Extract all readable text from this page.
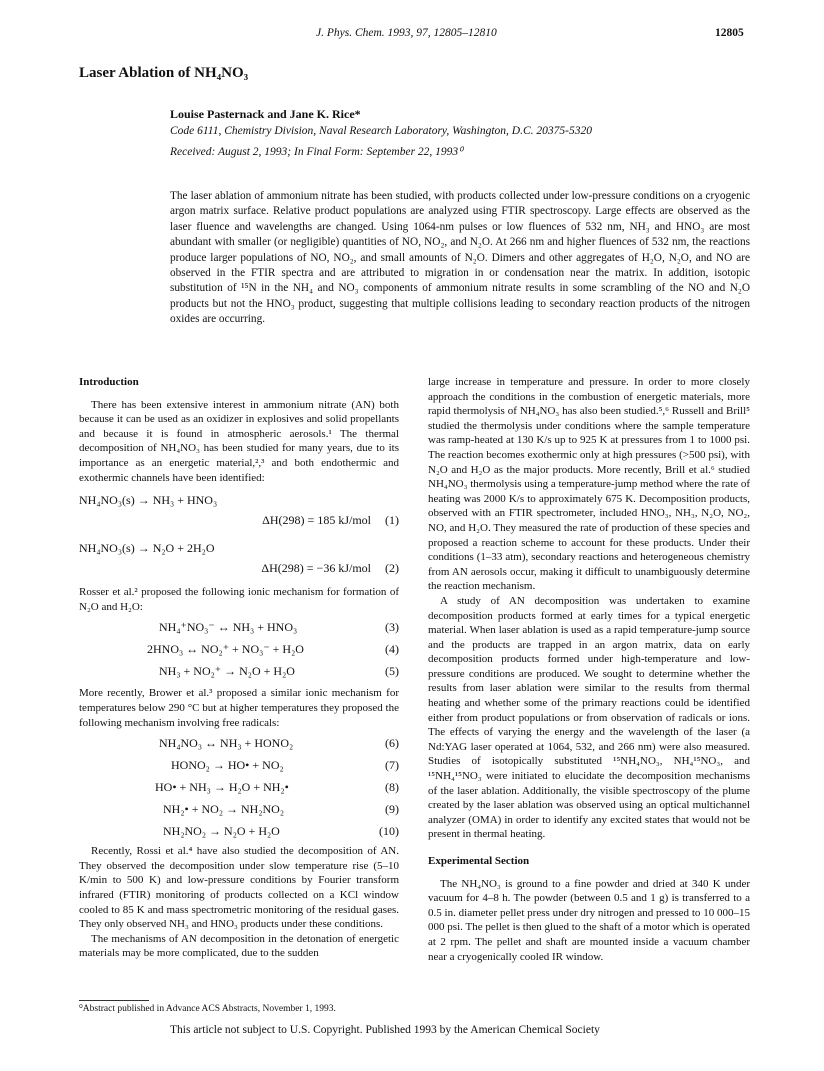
J. Phys. Chem. 1993, 97, 12805–12810	12805
Laser Ablation of NH₄NO₃
Louise Pasternack and Jane K. Rice*
Code 6111, Chemistry Division, Naval Research Laboratory, Washington, D.C. 20375-5320
Received: August 2, 1993; In Final Form: September 22, 1993⁰
The laser ablation of ammonium nitrate has been studied, with products collected under low-pressure conditions on a cryogenic argon matrix surface. Relative product populations are analyzed using FTIR spectroscopy. Large effects are observed as the laser fluence and wavelengths are changed. Using 1064-nm pulses or low fluences of 532 nm, NH₃ and HNO₃ are most abundant with smaller (or negligible) quantities of NO, NO₂, and N₂O. At 266 nm and higher fluences of 532 nm, the reactions produce larger populations of NO, NO₂, and small amounts of N₂O. Dimers and other aggregates of H₂O, N₂O, and NO are observed in the FTIR spectra and are attributed to migration in or condensation near the matrix. In addition, isotopic substitution of ¹⁵N in the NH₄ and NO₃ components of ammonium nitrate results in some scrambling of the NO and N₂O products but not the HNO₃ product, suggesting that multiple collisions leading to secondary reaction products of the nitrogen oxides are occurring.
Introduction

There has been extensive interest in ammonium nitrate (AN) both because it can be used as an oxidizer in explosives and solid propellants and because it is found in atmospheric aerosols.¹ The thermal decomposition of NH₄NO₃ has been studied for many years, due to its importance as an energetic material,²,³ and both endothermic and exothermic channels have been identified:

NH₄NO₃(s) → NH₃ + HNO₃
ΔH(298) = 185 kJ/mol (1)
NH₄NO₃(s) → N₂O + 2H₂O
ΔH(298) = −36 kJ/mol (2)

Rosser et al.² proposed the following ionic mechanism for formation of N₂O and H₂O:

NH₄⁺NO₃⁻ ↔ NH₃ + HNO₃	(3)
2HNO₃ ↔ NO₂⁺ + NO₃⁻ + H₂O	(4)
NH₃ + NO₂⁺ → N₂O + H₂O	(5)

More recently, Brower et al.³ proposed a similar ionic mechanism for temperatures below 290 °C but at higher temperatures they proposed the following mechanism involving free radicals:

NH₄NO₃ ↔ NH₃ + HONO₂	(6)
HONO₂ → HO• + NO₂	(7)
HO• + NH₃ → H₂O + NH₂•	(8)
NH₂• + NO₂ → NH₂NO₂	(9)
NH₂NO₂ → N₂O + H₂O	(10)

Recently, Rossi et al.⁴ have also studied the decomposition of AN. They observed the decomposition under slow temperature rise (5–10 K/min to 500 K) and low-pressure conditions by Fourier transform infrared (FTIR) monitoring of products collected on a KCl window cooled to 85 K and mass spectrometric monitoring of the residual gases. They only observed NH₃ and HNO₃ products under these conditions.

The mechanisms of AN decomposition in the detonation of energetic materials may be more complicated, due to the sudden

large increase in temperature and pressure. In order to more closely approach the conditions in the combustion of energetic materials, more rapid thermolysis of NH₄NO₃ has also been studied.⁵,⁶ Russell and Brill⁵ studied the thermolysis under conditions where the sample temperature was ramp-heated at 130 K/s up to 925 K at pressures from 1 to 1000 psi. The reaction becomes exothermic only at high pressures (>500 psi), with N₂O and H₂O as the major products. More recently, Brill et al.⁶ studied NH₄NO₃ thermolysis using a temperature-jump method where the rate of heating was 2000 K/s to approximately 675 K. Decomposition products, observed with an FTIR spectrometer, included HNO₃, NH₃, N₂O, NO₂, NO, and H₂O. They measured the rate of production of these species and proposed a reaction scheme to account for these products. Under their conditions (1–33 atm), secondary reactions and heterogeneous chemistry from AN aerosols occur, making it difficult to unambiguously determine the reaction mechanism.

A study of AN decomposition was undertaken to examine decomposition products formed at early times for a typical energetic material. When laser ablation is used as a rapid temperature-jump source and the products are trapped in an argon matrix, data on early decomposition products formed under high-temperature and low-pressure conditions are produced. We sought to determine whether the results from laser ablation were similar to the results from thermal heating and whether some of the primary reactions could be identified either from product populations or from observation of radicals or ions. The effects of varying the energy and the wavelength of the laser (a Nd:YAG laser operated at 1064, 532, and 266 nm) were also measured. Studies of isotopically substituted ¹⁵NH₄NO₃, NH₄¹⁵NO₃, and ¹⁵NH₄¹⁵NO₃ were initiated to elucidate the decomposition mechanisms of the laser ablation. Additionally, the visible spectroscopy of the plume created by the laser ablation was observed using an optical multichannel analyzer (OMA) in order to identify any excited states that would not be present in thermal heating.

Experimental Section

The NH₄NO₃ is ground to a fine powder and dried at 340 K under vacuum for 4–8 h. The powder (between 0.5 and 1 g) is transferred to a 0.5 in. diameter pellet press under dry nitrogen and pressed to 10 000–15 000 psi. The pellet is then glued to the shaft of a motor which is operated at 2 rpm. The pellet and shaft are mounted inside a vacuum chamber near a cryogenically cooled IR window.

⁰Abstract published in Advance ACS Abstracts, November 1, 1993.
This article not subject to U.S. Copyright. Published 1993 by the American Chemical Society
